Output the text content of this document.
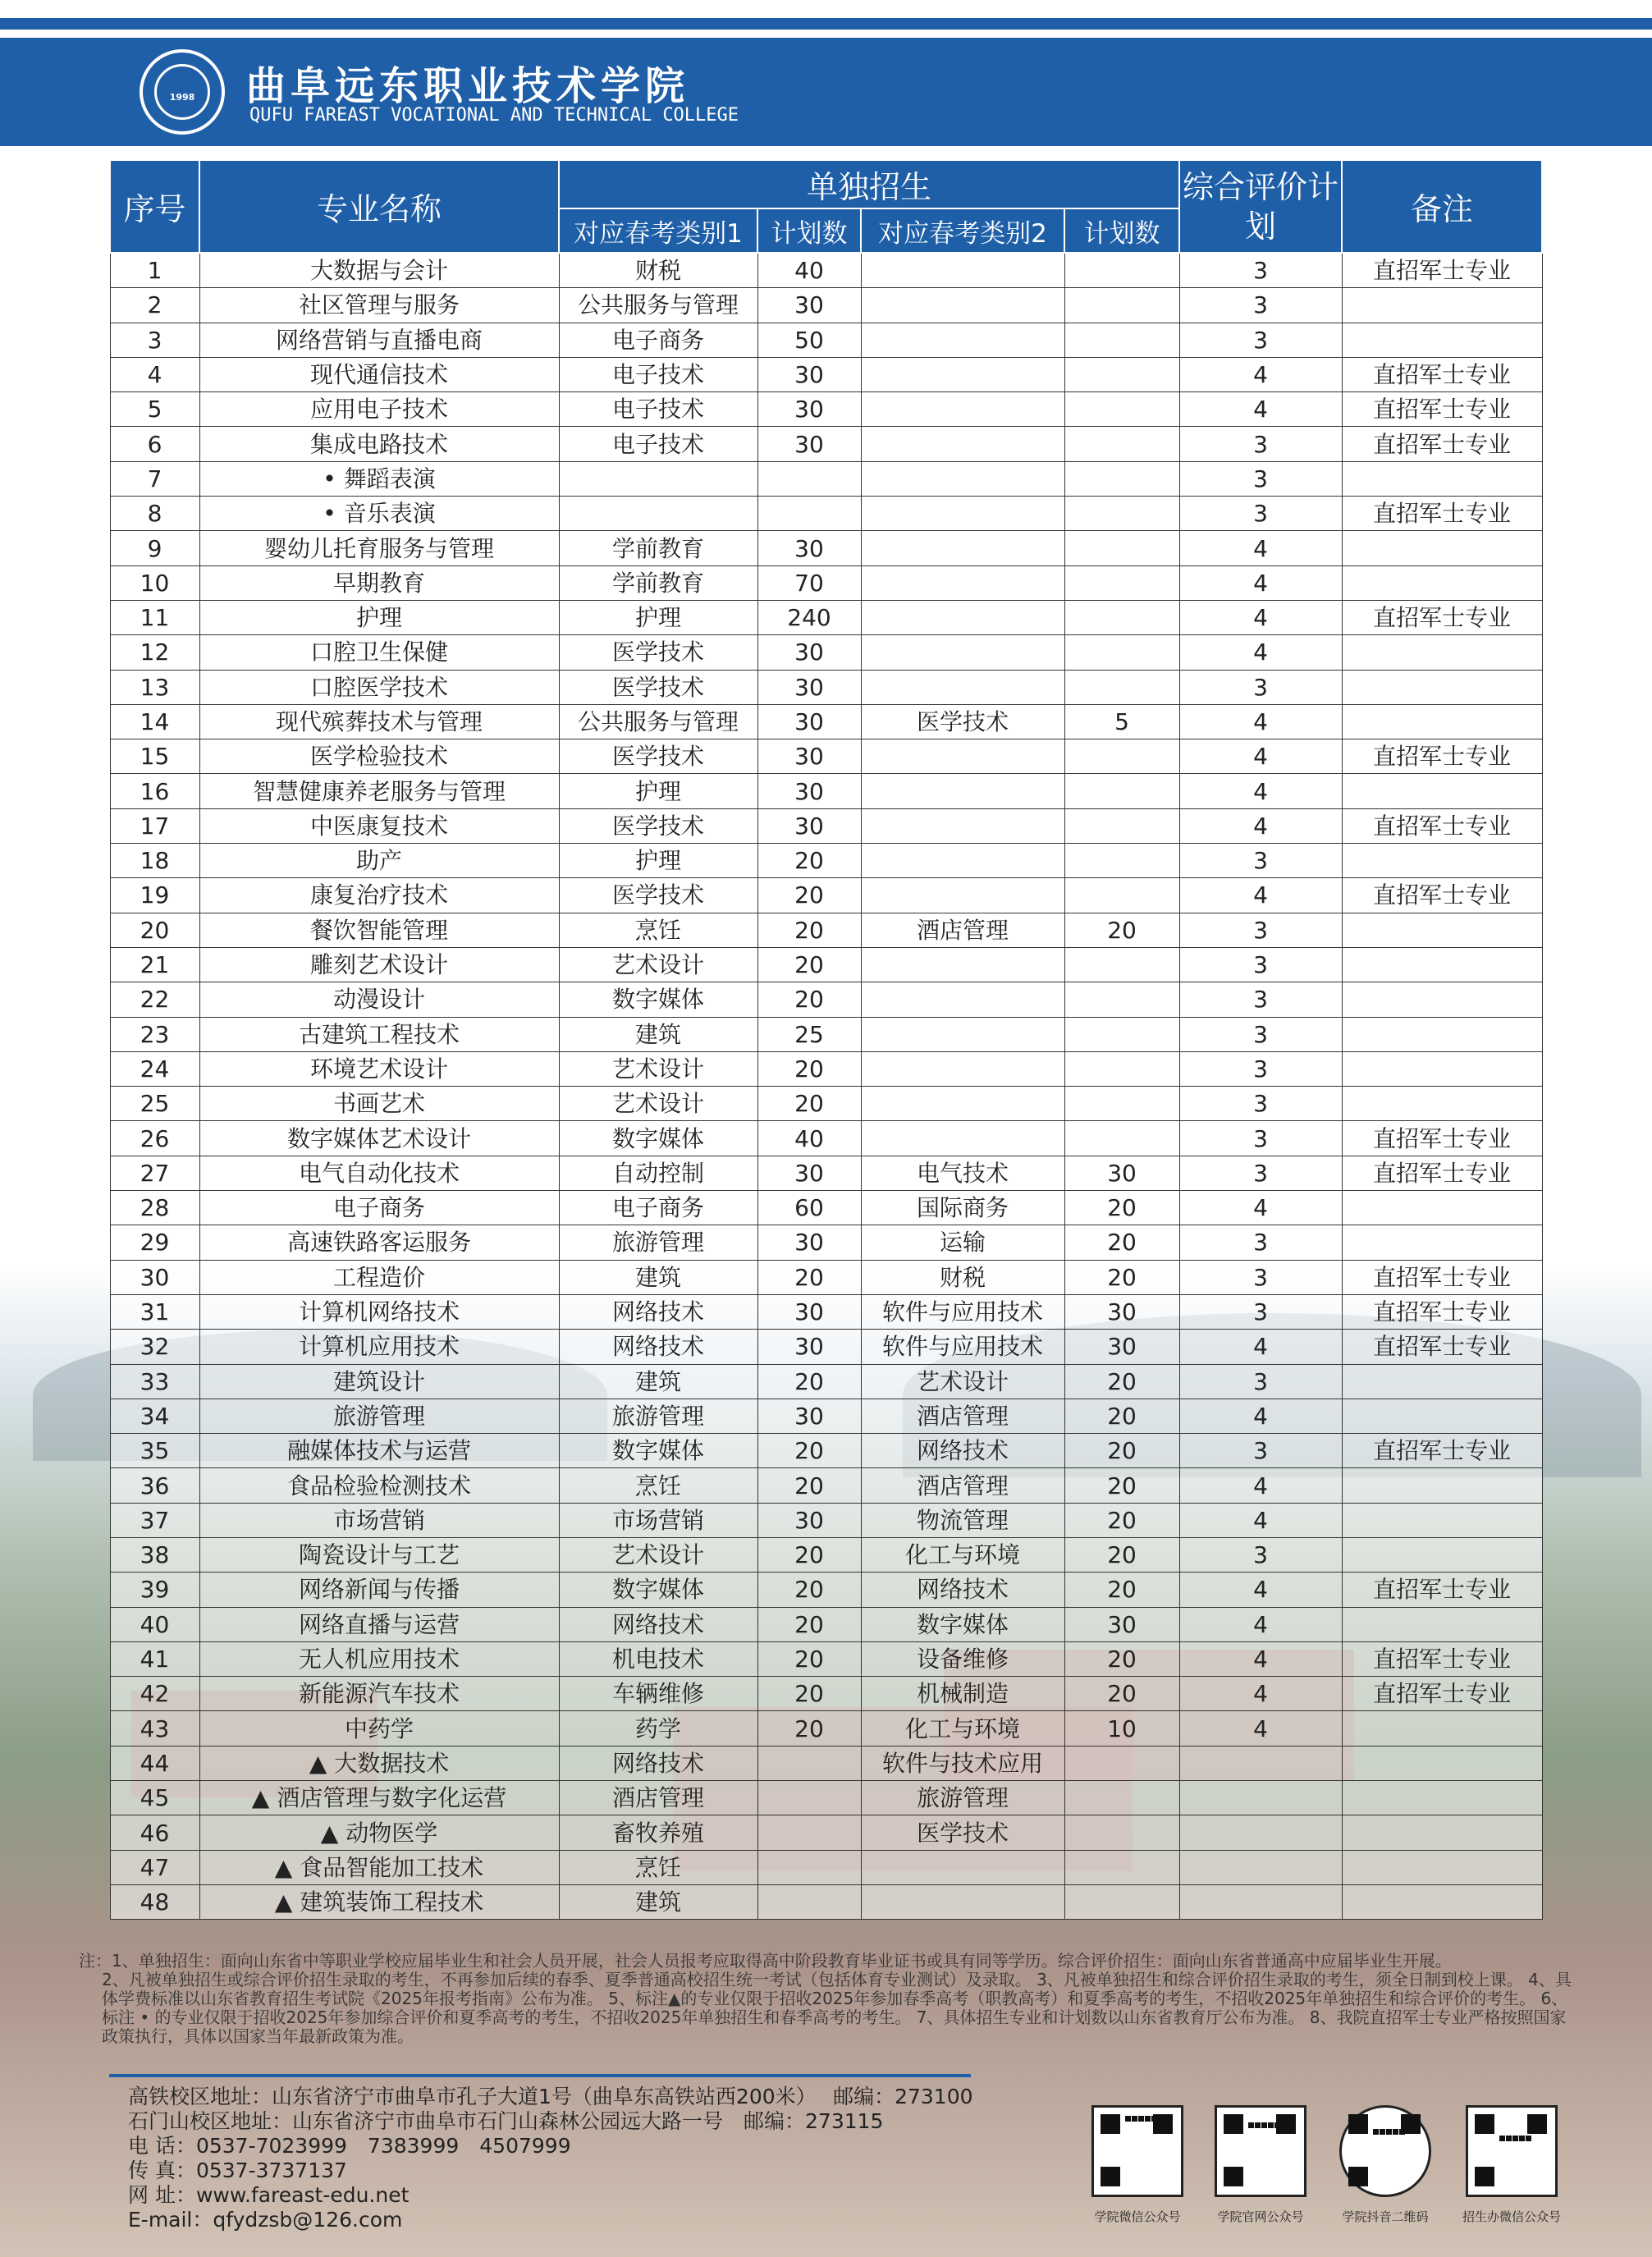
1998	曲阜远东职业技术学院
QUFU FAREAST VOCATIONAL AND TECHNICAL COLLEGE
序号	专业名称	单独招生				综合评价计划	备注
		对应春考类别1	计划数	对应春考类别2	计划数		
1	大数据与会计	财税	40			3	直招军士专业
2	社区管理与服务	公共服务与管理	30			3	
3	网络营销与直播电商	电子商务	50			3	
4	现代通信技术	电子技术	30			4	直招军士专业
5	应用电子技术	电子技术	30			4	直招军士专业
6	集成电路技术	电子技术	30			3	直招军士专业
7	• 舞蹈表演					3	
8	• 音乐表演					3	直招军士专业
9	婴幼儿托育服务与管理	学前教育	30			4	
10	早期教育	学前教育	70			4	
11	护理	护理	240			4	直招军士专业
12	口腔卫生保健	医学技术	30			4	
13	口腔医学技术	医学技术	30			3	
14	现代殡葬技术与管理	公共服务与管理	30	医学技术	5	4	
15	医学检验技术	医学技术	30			4	直招军士专业
16	智慧健康养老服务与管理	护理	30			4	
17	中医康复技术	医学技术	30			4	直招军士专业
18	助产	护理	20			3	
19	康复治疗技术	医学技术	20			4	直招军士专业
20	餐饮智能管理	烹饪	20	酒店管理	20	3	
21	雕刻艺术设计	艺术设计	20			3	
22	动漫设计	数字媒体	20			3	
23	古建筑工程技术	建筑	25			3	
24	环境艺术设计	艺术设计	20			3	
25	书画艺术	艺术设计	20			3	
26	数字媒体艺术设计	数字媒体	40			3	直招军士专业
27	电气自动化技术	自动控制	30	电气技术	30	3	直招军士专业
28	电子商务	电子商务	60	国际商务	20	4	
29	高速铁路客运服务	旅游管理	30	运输	20	3	
30	工程造价	建筑	20	财税	20	3	直招军士专业
31	计算机网络技术	网络技术	30	软件与应用技术	30	3	直招军士专业
32	计算机应用技术	网络技术	30	软件与应用技术	30	4	直招军士专业
33	建筑设计	建筑	20	艺术设计	20	3	
34	旅游管理	旅游管理	30	酒店管理	20	4	
35	融媒体技术与运营	数字媒体	20	网络技术	20	3	直招军士专业
36	食品检验检测技术	烹饪	20	酒店管理	20	4	
37	市场营销	市场营销	30	物流管理	20	4	
38	陶瓷设计与工艺	艺术设计	20	化工与环境	20	3	
39	网络新闻与传播	数字媒体	20	网络技术	20	4	直招军士专业
40	网络直播与运营	网络技术	20	数字媒体	30	4	
41	无人机应用技术	机电技术	20	设备维修	20	4	直招军士专业
42	新能源汽车技术	车辆维修	20	机械制造	20	4	直招军士专业
43	中药学	药学	20	化工与环境	10	4	
44	▲ 大数据技术	网络技术		软件与技术应用			
45	▲ 酒店管理与数字化运营	酒店管理		旅游管理			
46	▲ 动物医学	畜牧养殖		医学技术			
47	▲ 食品智能加工技术	烹饪					
48	▲ 建筑装饰工程技术	建筑					

注：1、单独招生：面向山东省中等职业学校应届毕业生和社会人员开展，社会人员报考应取得高中阶段教育毕业证书或具有同等学历。综合评价招生：面向山东省普通高中应届毕业生开展。

2、凡被单独招生或综合评价招生录取的考生，不再参加后续的春季、夏季普通高校招生统一考试（包括体育专业测试）及录取。 3、凡被单独招生和综合评价招生录取的考生，须全日制到校上课。 4、具体学费标准以山东省教育招生考试院《2025年报考指南》公布为准。 5、标注▲的专业仅限于招收2025年参加春季高考（职教高考）和夏季高考的考生，不招收2025年单独招生和综合评价的考生。 6、标注 • 的专业仅限于招收2025年参加综合评价和夏季高考的考生，不招收2025年单独招生和春季高考的考生。 7、具体招生专业和计划数以山东省教育厅公布为准。 8、我院直招军士专业严格按照国家政策执行，具体以国家当年最新政策为准。

高铁校区地址：山东省济宁市曲阜市孔子大道1号（曲阜东高铁站西200米）　 邮编：273100
石门山校区地址：山东省济宁市曲阜市石门山森林公园远大路一号　邮编：273115
电 话：0537-7023999　7383999　4507999
传 真：0537-3737137
网 址：www.fareast-edu.net
E-mail：qfydzsb@126.com	学院微信公众号	学院官网公众号	学院抖音二维码	招生办微信公众号
